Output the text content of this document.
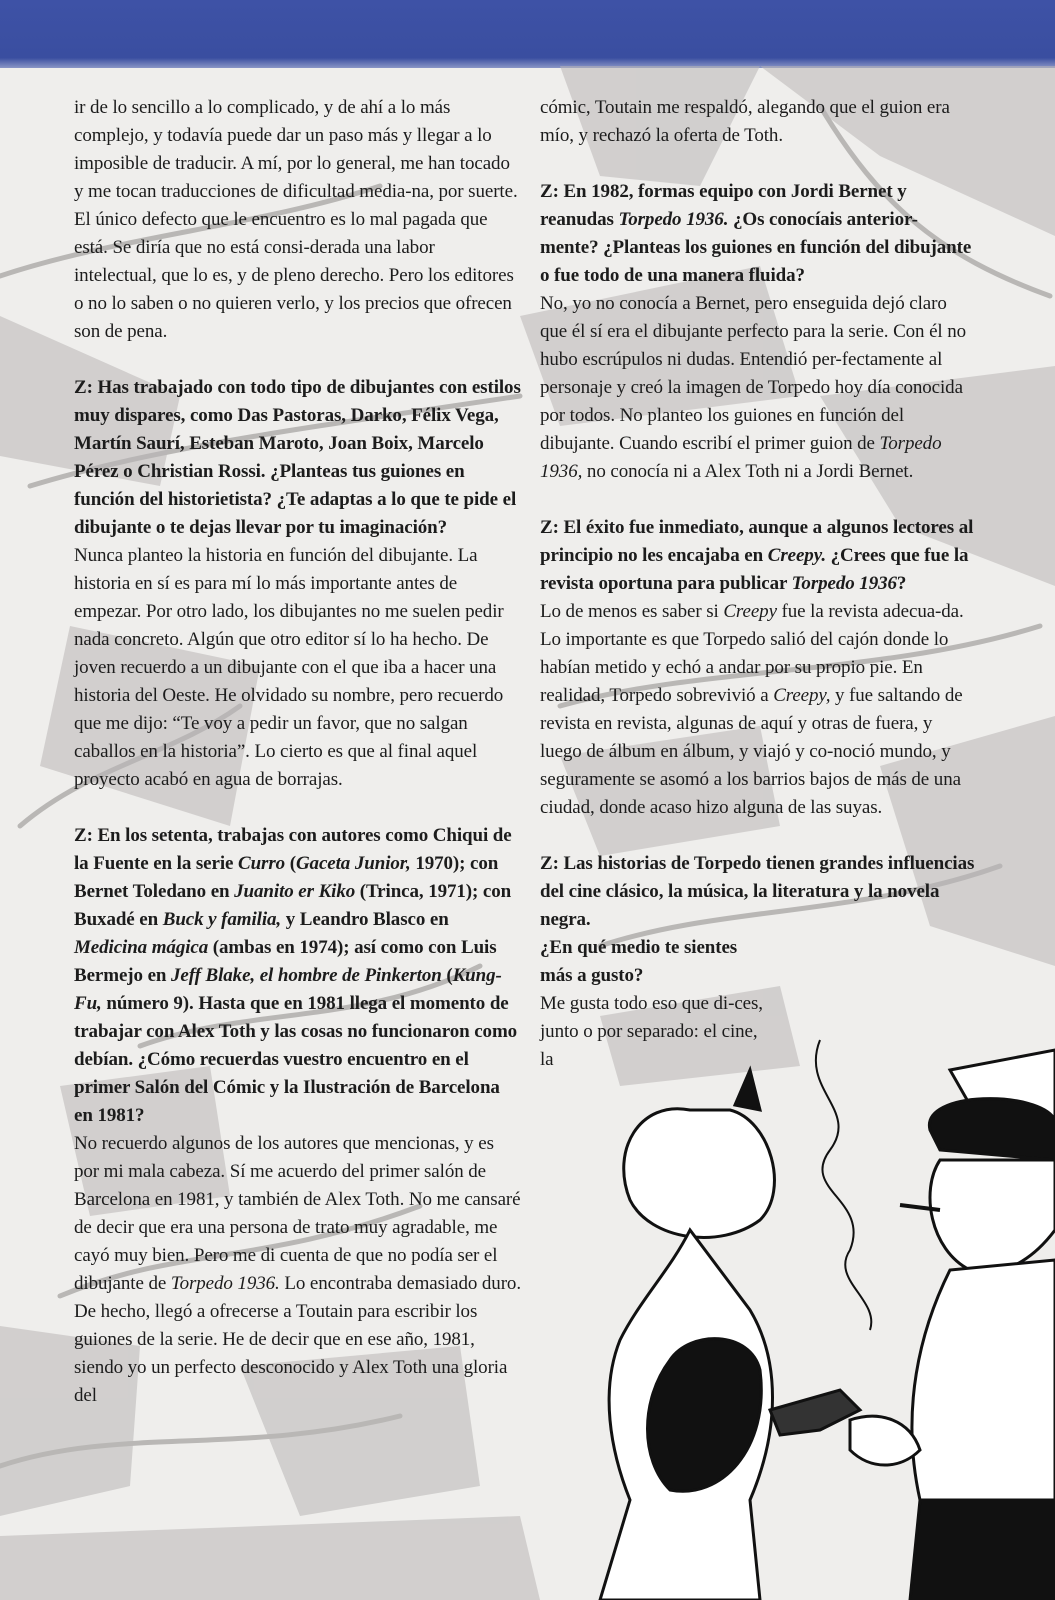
ir de lo sencillo a lo complicado, y de ahí a lo más complejo, y todavía puede dar un paso más y llegar a lo imposible de traducir. A mí, por lo general, me han tocado y me tocan traducciones de dificultad media-na, por suerte. El único defecto que le encuentro es lo mal pagada que está. Se diría que no está consi-derada una labor intelectual, que lo es, y de pleno derecho. Pero los editores o no lo saben o no quieren verlo, y los precios que ofrecen son de pena.

Z: Has trabajado con todo tipo de dibujantes con estilos muy dispares, como Das Pastoras, Darko, Félix Vega, Martín Saurí, Esteban Maroto, Joan Boix, Marcelo Pérez o Christian Rossi. ¿Planteas tus guiones en función del historietista? ¿Te adaptas a lo que te pide el dibujante o te dejas llevar por tu imaginación?

Nunca planteo la historia en función del dibujante. La historia en sí es para mí lo más importante antes de empezar. Por otro lado, los dibujantes no me suelen pedir nada concreto. Algún que otro editor sí lo ha hecho. De joven recuerdo a un dibujante con el que iba a hacer una historia del Oeste. He olvidado su nombre, pero recuerdo que me dijo: “Te voy a pedir un favor, que no salgan caballos en la historia”. Lo cierto es que al final aquel proyecto acabó en agua de borrajas.

Z: En los setenta, trabajas con autores como Chiqui de la Fuente en la serie Curro (Gaceta Junior, 1970); con Bernet Toledano en Juanito er Kiko (Trinca, 1971); con Buxadé en Buck y familia, y Leandro Blasco en Medicina mágica (ambas en 1974); así como con Luis Bermejo en Jeff Blake, el hombre de Pinkerton (Kung-Fu, número 9). Hasta que en 1981 llega el momento de trabajar con Alex Toth y las cosas no funcionaron como debían. ¿Cómo recuerdas vuestro encuentro en el primer Salón del Cómic y la Ilustración de Barcelona en 1981?

No recuerdo algunos de los autores que mencionas, y es por mi mala cabeza. Sí me acuerdo del primer salón de Barcelona en 1981, y también de Alex Toth. No me cansaré de decir que era una persona de trato muy agradable, me cayó muy bien. Pero me di cuenta de que no podía ser el dibujante de Torpedo 1936. Lo encontraba demasiado duro. De hecho, llegó a ofrecerse a Toutain para escribir los guiones de la serie. He de decir que en ese año, 1981, siendo yo un perfecto desconocido y Alex Toth una gloria del

cómic, Toutain me respaldó, alegando que el guion era mío, y rechazó la oferta de Toth.

Z: En 1982, formas equipo con Jordi Bernet y reanudas Torpedo 1936. ¿Os conocíais anterior-mente? ¿Planteas los guiones en función del dibujante o fue todo de una manera fluida?

No, yo no conocía a Bernet, pero enseguida dejó claro que él sí era el dibujante perfecto para la serie. Con él no hubo escrúpulos ni dudas. Entendió per-fectamente al personaje y creó la imagen de Torpedo hoy día conocida por todos. No planteo los guiones en función del dibujante. Cuando escribí el primer guion de Torpedo 1936, no conocía ni a Alex Toth ni a Jordi Bernet.

Z: El éxito fue inmediato, aunque a algunos lectores al principio no les encajaba en Creepy. ¿Crees que fue la revista oportuna para publicar Torpedo 1936?

Lo de menos es saber si Creepy fue la revista adecua-da. Lo importante es que Torpedo salió del cajón donde lo habían metido y echó a andar por su propio pie. En realidad, Torpedo sobrevivió a Creepy, y fue saltando de revista en revista, algunas de aquí y otras de fuera, y luego de álbum en álbum, y viajó y co-noció mundo, y seguramente se asomó a los barrios bajos de más de una ciudad, donde acaso hizo alguna de las suyas.

Z: Las historias de Torpedo tienen grandes influencias del cine clásico, la música, la literatura y la novela negra.

¿En qué medio te sientes más a gusto?

Me gusta todo eso que di-ces, junto o por separado: el cine, la
